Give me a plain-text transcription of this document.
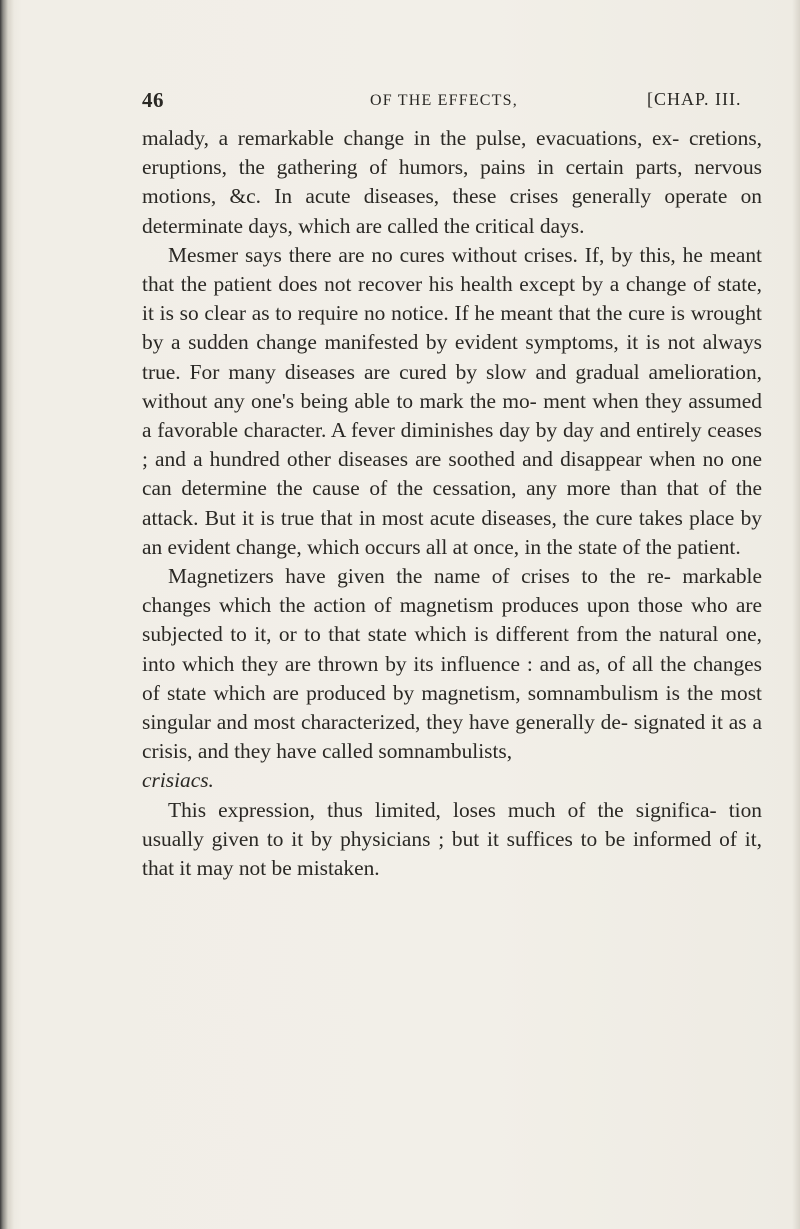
46	OF THE EFFECTS,	[CHAP. III.

malady, a remarkable change in the pulse, evacuations, ex- cretions, eruptions, the gathering of humors, pains in certain parts, nervous motions, &c. In acute diseases, these crises generally operate on determinate days, which are called the critical days.

Mesmer says there are no cures without crises. If, by this, he meant that the patient does not recover his health except by a change of state, it is so clear as to require no notice. If he meant that the cure is wrought by a sudden change manifested by evident symptoms, it is not always true. For many diseases are cured by slow and gradual amelioration, without any one's being able to mark the mo- ment when they assumed a favorable character. A fever diminishes day by day and entirely ceases ; and a hundred other diseases are soothed and disappear when no one can determine the cause of the cessation, any more than that of the attack. But it is true that in most acute diseases, the cure takes place by an evident change, which occurs all at once, in the state of the patient.

Magnetizers have given the name of crises to the re- markable changes which the action of magnetism produces upon those who are subjected to it, or to that state which is different from the natural one, into which they are thrown by its influence : and as, of all the changes of state which are produced by magnetism, somnambulism is the most singular and most characterized, they have generally de- signated it as a crisis, and they have called somnambulists,
crisiacs.

This expression, thus limited, loses much of the significa- tion usually given to it by physicians ; but it suffices to be informed of it, that it may not be mistaken.
